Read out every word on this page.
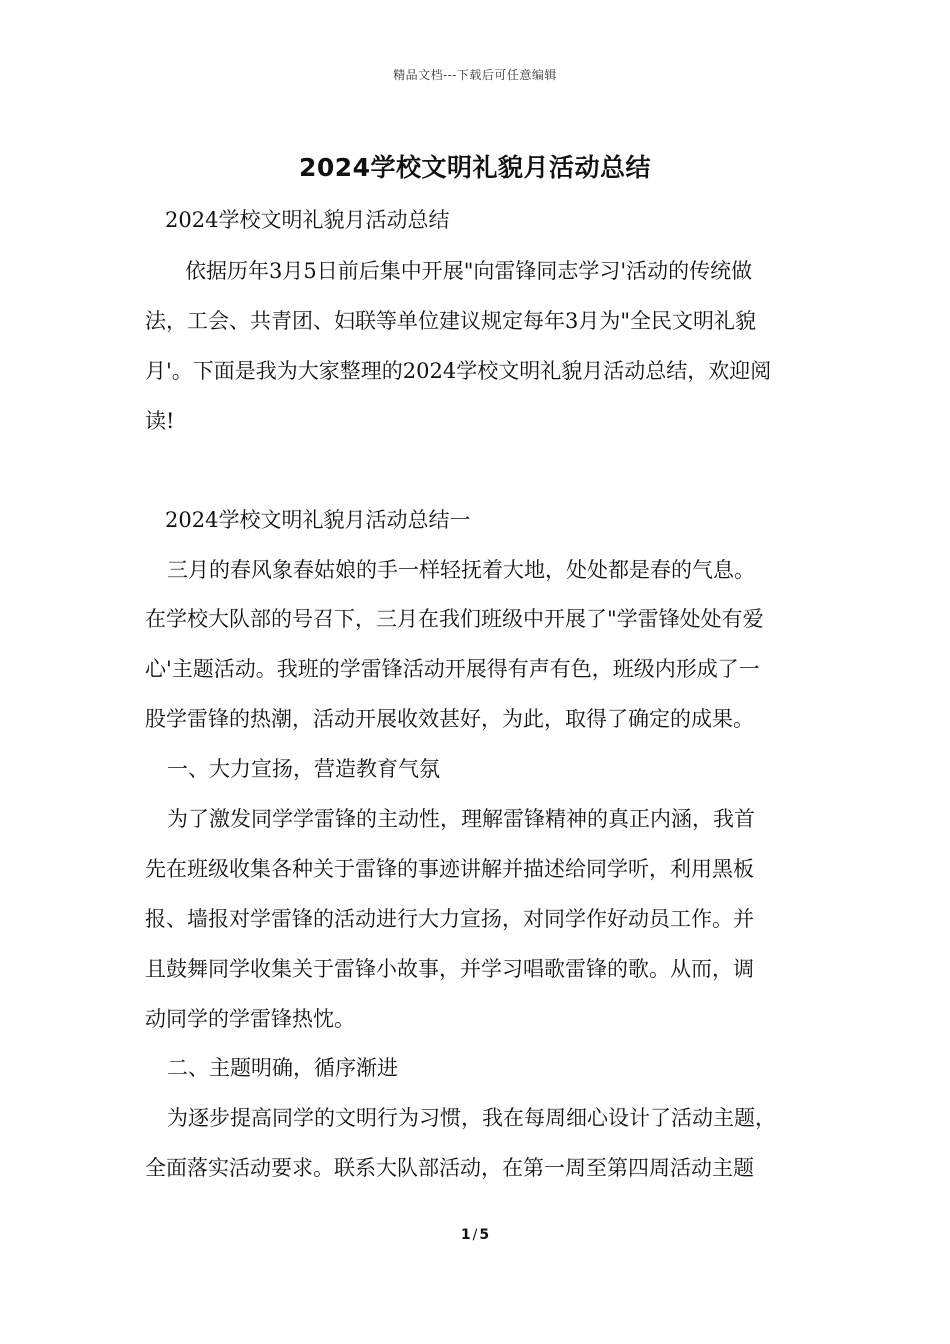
精品文档---下载后可任意编辑
2024学校文明礼貌月活动总结
2024学校文明礼貌月活动总结
依据历年3月5日前后集中开展"向雷锋同志学习'活动的传统做
法，工会、共青团、妇联等单位建议规定每年3月为"全民文明礼貌
月'。下面是我为大家整理的2024学校文明礼貌月活动总结，欢迎阅
读!
2024学校文明礼貌月活动总结一
三月的春风象春姑娘的手一样轻抚着大地，处处都是春的气息。
在学校大队部的号召下，三月在我们班级中开展了"学雷锋处处有爱
心'主题活动。我班的学雷锋活动开展得有声有色，班级内形成了一
股学雷锋的热潮，活动开展收效甚好，为此，取得了确定的成果。
一、大力宣扬，营造教育气氛
为了激发同学学雷锋的主动性，理解雷锋精神的真正内涵，我首
先在班级收集各种关于雷锋的事迹讲解并描述给同学听，利用黑板
报、墙报对学雷锋的活动进行大力宣扬，对同学作好动员工作。并
且鼓舞同学收集关于雷锋小故事，并学习唱歌雷锋的歌。从而，调
动同学的学雷锋热忱。
二、主题明确，循序渐进
为逐步提高同学的文明行为习惯，我在每周细心设计了活动主题，
全面落实活动要求。联系大队部活动，在第一周至第四周活动主题
1 / 5
